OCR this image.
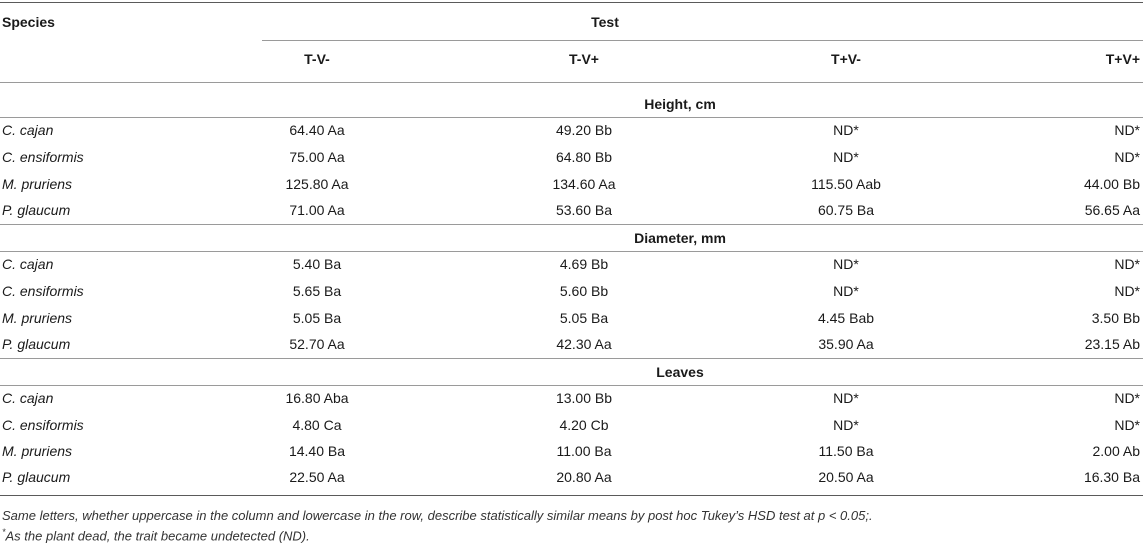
Species	Test
T-V-	T-V+	T+V-	T+V+
Height, cm
C. cajan	64.40 Aa	49.20 Bb	ND*	ND*
C. ensiformis	75.00 Aa	64.80 Bb	ND*	ND*
M. pruriens	125.80 Aa	134.60 Aa	115.50 Aab	44.00 Bb
P. glaucum	71.00 Aa	53.60 Ba	60.75 Ba	56.65 Aa
Diameter, mm
C. cajan	5.40 Ba	4.69 Bb	ND*	ND*
C. ensiformis	5.65 Ba	5.60 Bb	ND*	ND*
M. pruriens	5.05 Ba	5.05 Ba	4.45 Bab	3.50 Bb
P. glaucum	52.70 Aa	42.30 Aa	35.90 Aa	23.15 Ab
Leaves
C. cajan	16.80 Aba	13.00 Bb	ND*	ND*
C. ensiformis	4.80 Ca	4.20 Cb	ND*	ND*
M. pruriens	14.40 Ba	11.00 Ba	11.50 Ba	2.00 Ab
P. glaucum	22.50 Aa	20.80 Aa	20.50 Aa	16.30 Ba
Same letters, whether uppercase in the column and lowercase in the row, describe statistically similar means by post hoc Tukey’s HSD test at p < 0.05;.
*As the plant dead, the trait became undetected (ND).
